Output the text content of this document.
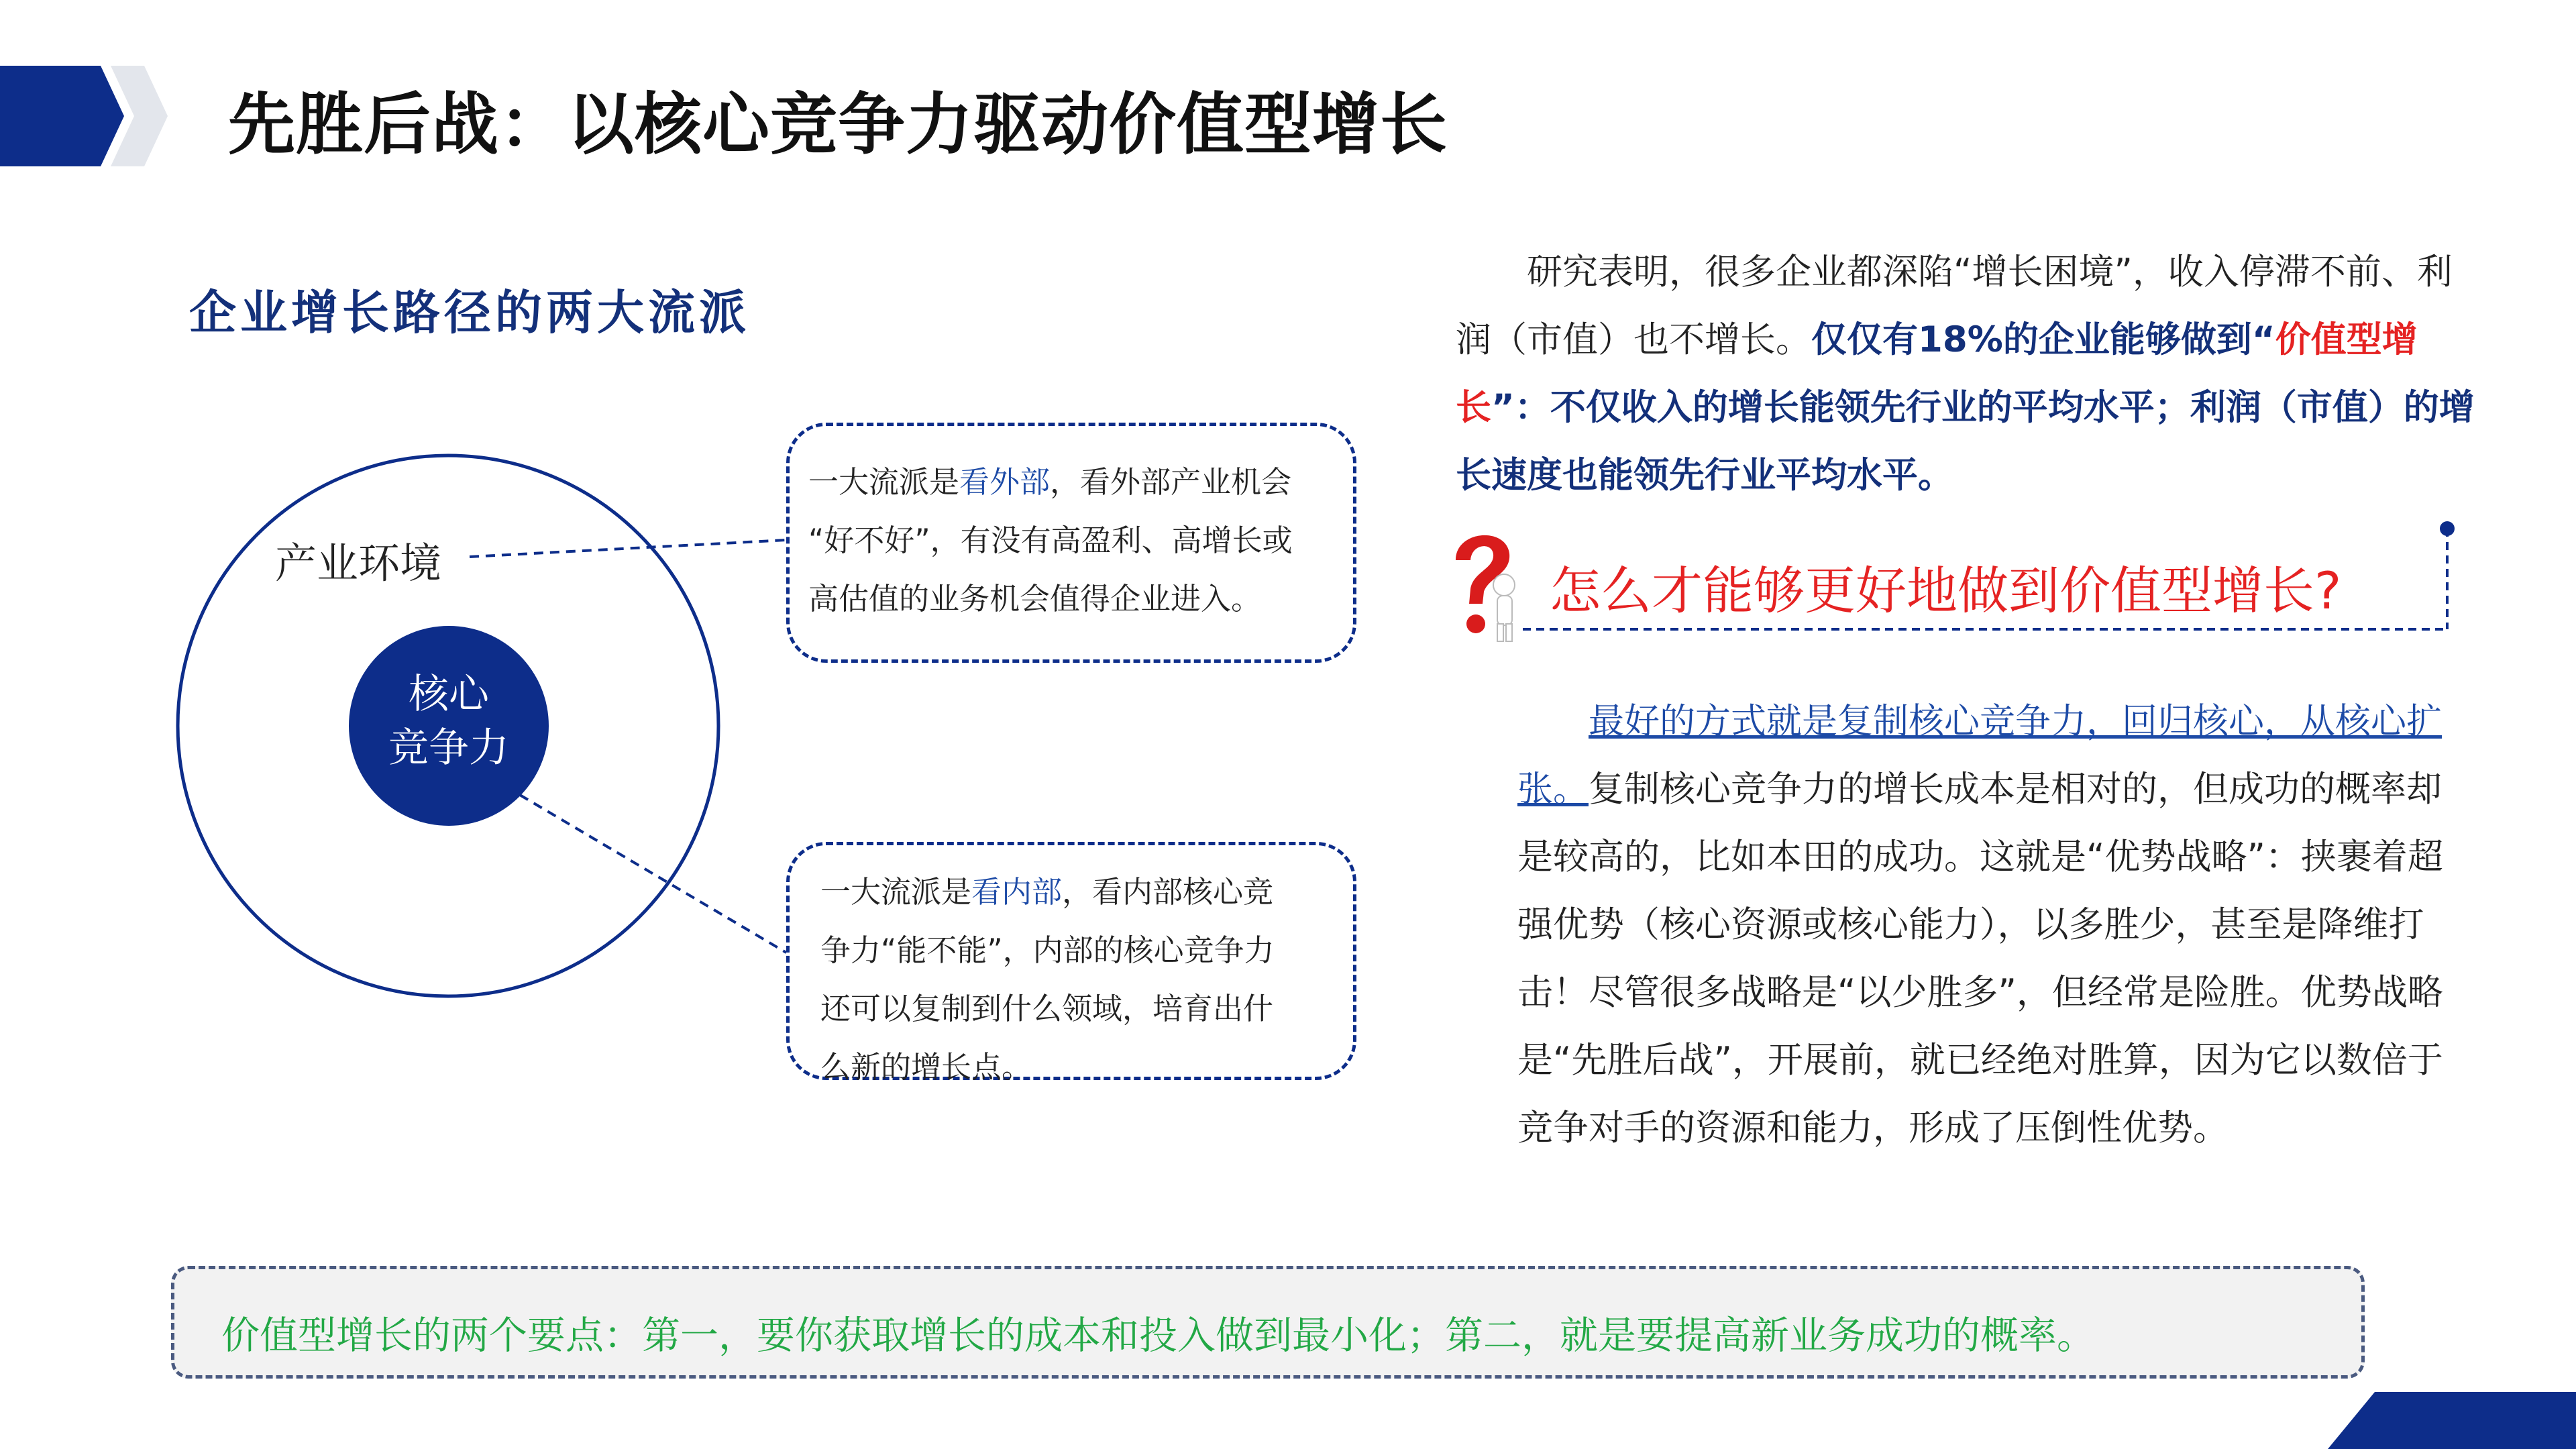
先胜后战：以核心竞争力驱动价值型增长
企业增长路径的两大流派
产业环境
核心
竞争力
一大流派是看外部，看外部产业机会
“好不好”，有没有高盈利、高增长或
高估值的业务机会值得企业进入。
一大流派是看内部，看内部核心竞
争力“能不能”，内部的核心竞争力
还可以复制到什么领域，培育出什
么新的增长点。
研究表明，很多企业都深陷“增长困境”，收入停滞不前、利润（市值）也不增长。仅仅有18%的企业能够做到“价值型增长”：不仅收入的增长能领先行业的平均水平；利润（市值）的增长速度也能领先行业平均水平。
怎么才能够更好地做到价值型增长?
最好的方式就是复制核心竞争力，回归核心，从核心扩张。复制核心竞争力的增长成本是相对的，但成功的概率却是较高的，比如本田的成功。这就是“优势战略”：挟裹着超强优势（核心资源或核心能力），以多胜少，甚至是降维打击！尽管很多战略是“以少胜多”，但经常是险胜。优势战略是“先胜后战”，开展前，就已经绝对胜算，因为它以数倍于竞争对手的资源和能力，形成了压倒性优势。
价值型增长的两个要点：第一，要你获取增长的成本和投入做到最小化；第二，就是要提高新业务成功的概率。
